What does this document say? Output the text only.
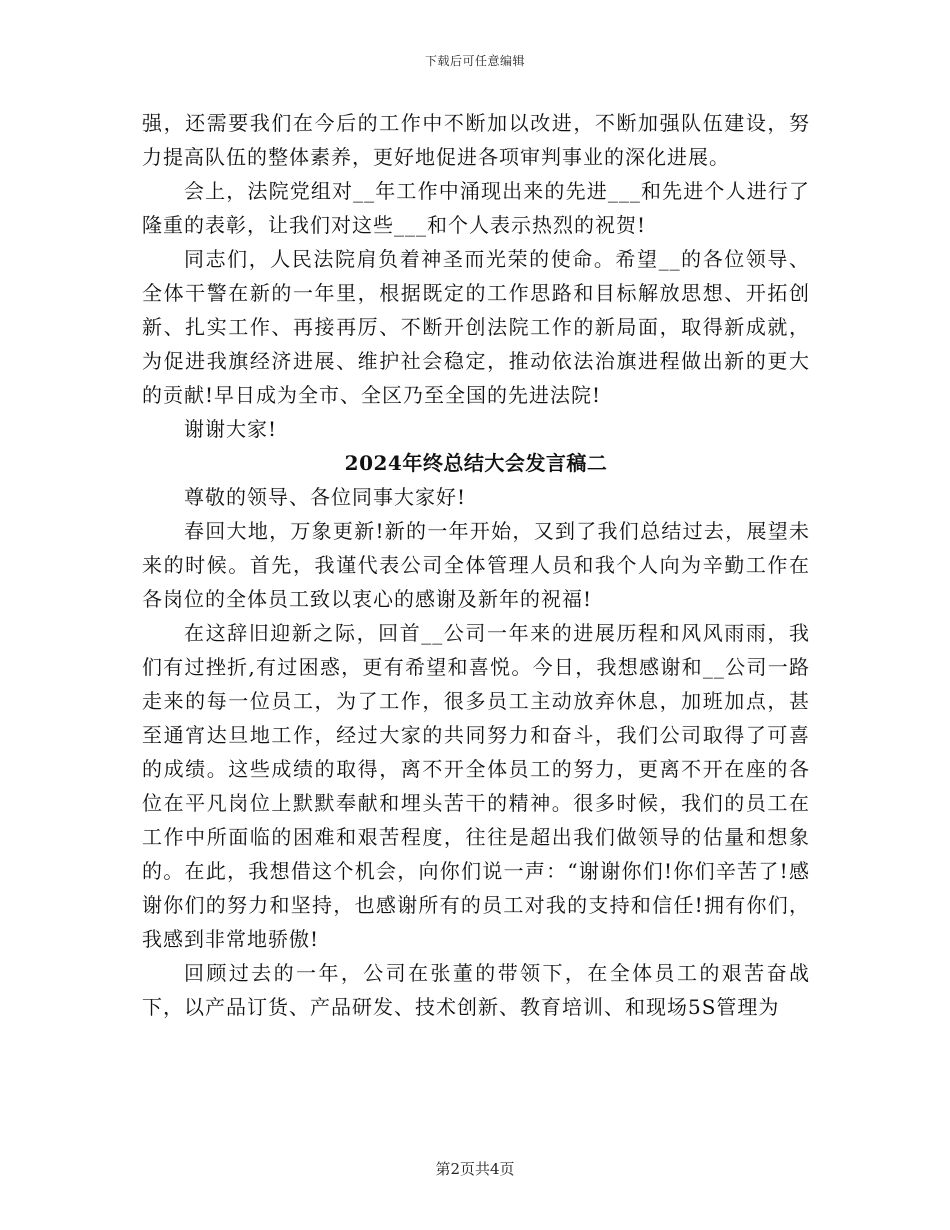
下载后可任意编辑

强，还需要我们在今后的工作中不断加以改进，不断加强队伍建设，努力提高队伍的整体素养，更好地促进各项审判事业的深化进展。

会上，法院党组对__年工作中涌现出来的先进___和先进个人进行了隆重的表彰，让我们对这些___和个人表示热烈的祝贺!

同志们，人民法院肩负着神圣而光荣的使命。希望__的各位领导、全体干警在新的一年里，根据既定的工作思路和目标解放思想、开拓创新、扎实工作、再接再厉、不断开创法院工作的新局面，取得新成就，为促进我旗经济进展、维护社会稳定，推动依法治旗进程做出新的更大的贡献!早日成为全市、全区乃至全国的先进法院!

谢谢大家!

2024年终总结大会发言稿二

尊敬的领导、各位同事大家好!

春回大地，万象更新!新的一年开始，又到了我们总结过去，展望未来的时候。首先，我谨代表公司全体管理人员和我个人向为辛勤工作在各岗位的全体员工致以衷心的感谢及新年的祝福!

在这辞旧迎新之际，回首__公司一年来的进展历程和风风雨雨，我们有过挫折,有过困惑，更有希望和喜悦。今日，我想感谢和__公司一路走来的每一位员工，为了工作，很多员工主动放弃休息，加班加点，甚至通宵达旦地工作，经过大家的共同努力和奋斗，我们公司取得了可喜的成绩。这些成绩的取得，离不开全体员工的努力，更离不开在座的各位在平凡岗位上默默奉献和埋头苦干的精神。很多时候，我们的员工在工作中所面临的困难和艰苦程度，往往是超出我们做领导的估量和想象的。在此，我想借这个机会，向你们说一声：“谢谢你们!你们辛苦了!感谢你们的努力和坚持，也感谢所有的员工对我的支持和信任!拥有你们，我感到非常地骄傲!

回顾过去的一年，公司在张董的带领下，在全体员工的艰苦奋战下，以产品订货、产品研发、技术创新、教育培训、和现场5S管理为

第2页共4页
